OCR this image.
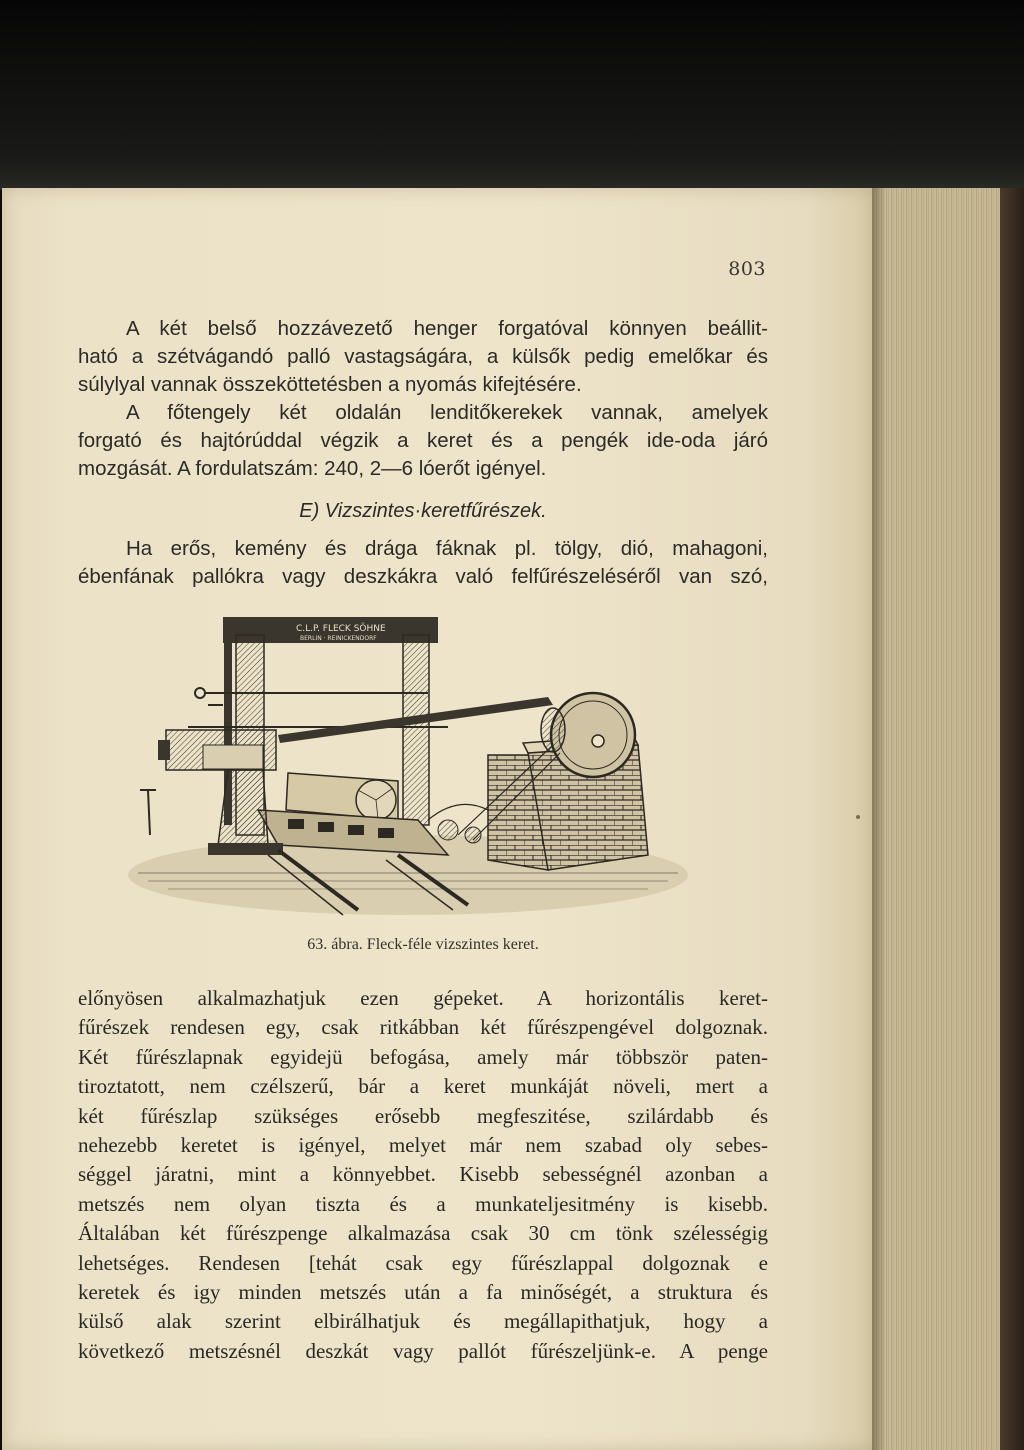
803
A két belső hozzávezető henger forgatóval könnyen beállit-
ható a szétvágandó palló vastagságára, a külsők pedig emelőkar és
súlylyal vannak összeköttetésben a nyomás kifejtésére.
A főtengely két oldalán lenditőkerekek vannak, amelyek
forgató és hajtórúddal végzik a keret és a pengék ide-oda járó
mozgását. A fordulatszám: 240, 2—6 lóerőt igényel.
E) Vizszintes·keretfűrészek.
Ha erős, kemény és drága fáknak pl. tölgy, dió, mahagoni,
ébenfának pallókra vagy deszkákra való felfűrészeléséről van szó,
C.L.P. FLECK SÖHNE
BERLIN · REINICKENDORF
63. ábra. Fleck-féle vizszintes keret.
előnyösen alkalmazhatjuk ezen gépeket. A horizontális keret-
fűrészek rendesen egy, csak ritkábban két fűrészpengével dolgoznak.
Két fűrészlapnak egyidejü befogása, amely már többször paten-
tiroztatott, nem czélszerű, bár a keret munkáját növeli, mert a
két fűrészlap szükséges erősebb megfeszitése, szilárdabb és
nehezebb keretet is igényel, melyet már nem szabad oly sebes-
séggel járatni, mint a könnyebbet. Kisebb sebességnél azonban a
metszés nem olyan tiszta és a munkateljesitmény is kisebb.
Általában két fűrészpenge alkalmazása csak 30 cm tönk szélességig
lehetséges. Rendesen [tehát csak egy fűrészlappal dolgoznak e
keretek és igy minden metszés után a fa minőségét, a struktura és
külső alak szerint elbirálhatjuk és megállapithatjuk, hogy a
következő metszésnél deszkát vagy pallót fűrészeljünk-e. A penge
